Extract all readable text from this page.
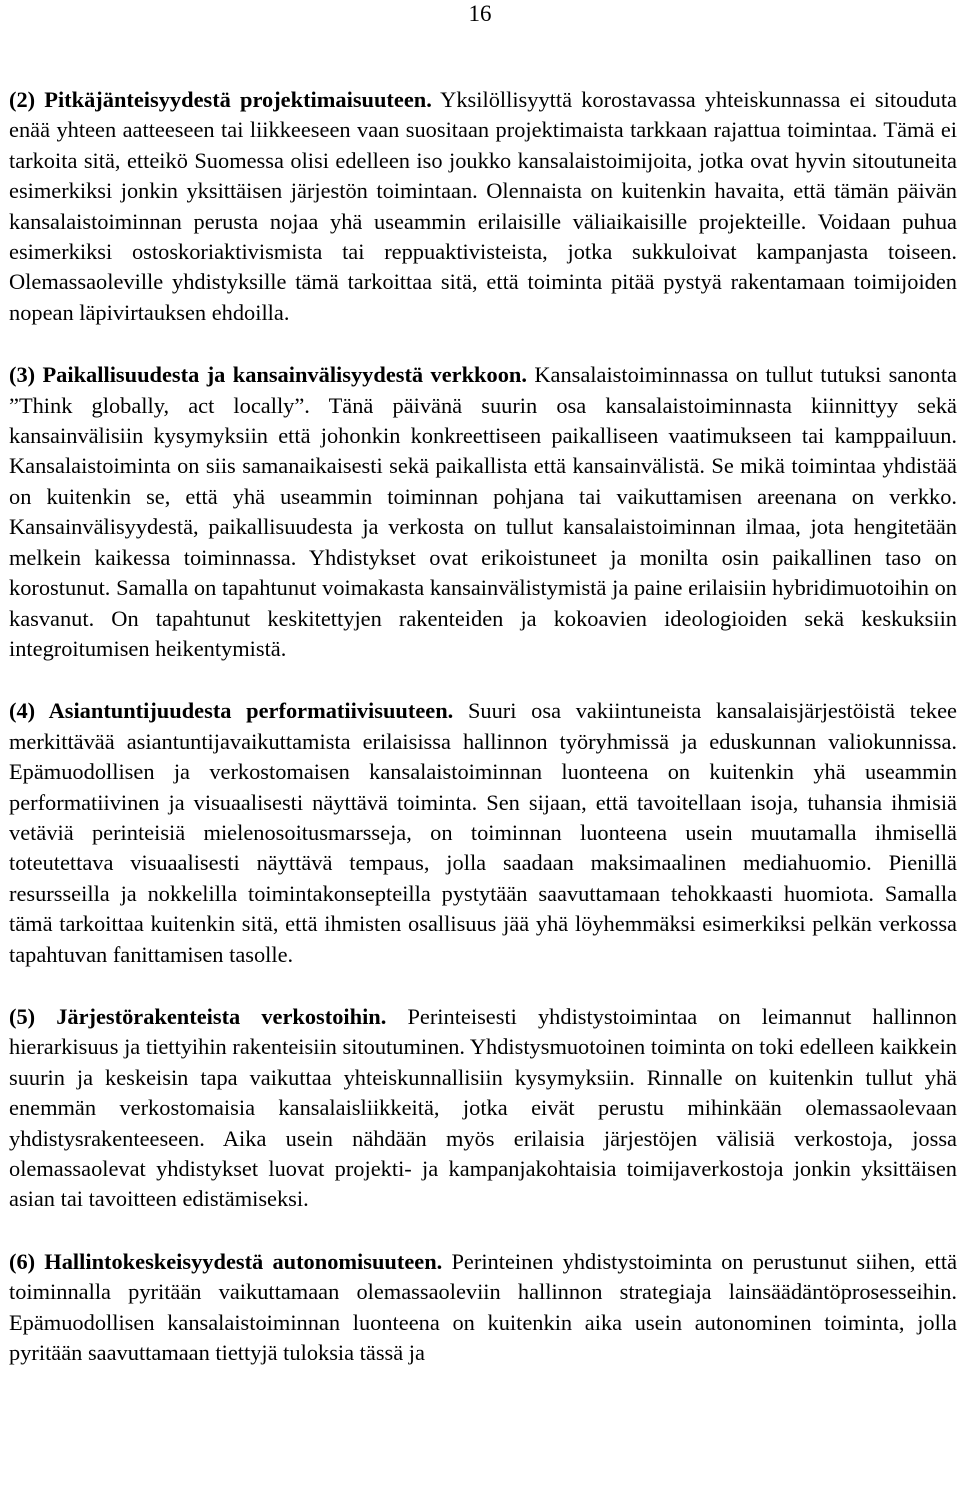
16

(2) Pitkäjänteisyydestä projektimaisuuteen. Yksilöllisyyttä korostavassa yhteiskunnassa ei sitouduta enää yhteen aatteeseen tai liikkeeseen vaan suositaan projektimaista tarkkaan rajattua toimintaa. Tämä ei tarkoita sitä, etteikö Suomessa olisi edelleen iso joukko kansalaistoimijoita, jotka ovat hyvin sitoutuneita esimerkiksi jonkin yksittäisen järjestön toimintaan. Olennaista on kuitenkin havaita, että tämän päivän kansalaistoiminnan perusta nojaa yhä useammin erilaisille väliaikaisille projekteille. Voidaan puhua esimerkiksi ostoskoriaktivismista tai reppuaktivisteista, jotka sukkuloivat kampanjasta toiseen. Olemassaoleville yhdistyksille tämä tarkoittaa sitä, että toiminta pitää pystyä rakentamaan toimijoiden nopean läpivirtauksen ehdoilla.

(3) Paikallisuudesta ja kansainvälisyydestä verkkoon. Kansalaistoiminnassa on tullut tutuksi sanonta ”Think globally, act locally”. Tänä päivänä suurin osa kansalaistoiminnasta kiinnittyy sekä kansainvälisiin kysymyksiin että johonkin konkreettiseen paikalliseen vaatimukseen tai kamppailuun. Kansalaistoiminta on siis samanaikaisesti sekä paikallista että kansainvälistä. Se mikä toimintaa yhdistää on kuitenkin se, että yhä useammin toiminnan pohjana tai vaikuttamisen areenana on verkko. Kansainvälisyydestä, paikallisuudesta ja verkosta on tullut kansalaistoiminnan ilmaa, jota hengitetään melkein kaikessa toiminnassa. Yhdistykset ovat erikoistuneet ja monilta osin paikallinen taso on korostunut. Samalla on tapahtunut voimakasta kansainvälistymistä ja paine erilaisiin hybridimuotoihin on kasvanut. On tapahtunut keskitettyjen rakenteiden ja kokoavien ideologioiden sekä keskuksiin integroitumisen heikentymistä.

(4) Asiantuntijuudesta performatiivisuuteen. Suuri osa vakiintuneista kansalaisjärjestöistä tekee merkittävää asiantuntijavaikuttamista erilaisissa hallinnon työryhmissä ja eduskunnan valiokunnissa. Epämuodollisen ja verkostomaisen kansalaistoiminnan luonteena on kuitenkin yhä useammin performatiivinen ja visuaalisesti näyttävä toiminta. Sen sijaan, että tavoitellaan isoja, tuhansia ihmisiä vetäviä perinteisiä mielenosoitusmarsseja, on toiminnan luonteena usein muutamalla ihmisellä toteutettava visuaalisesti näyttävä tempaus, jolla saadaan maksimaalinen mediahuomio. Pienillä resursseilla ja nokkelilla toimintakonsepteilla pystytään saavuttamaan tehokkaasti huomiota. Samalla tämä tarkoittaa kuitenkin sitä, että ihmisten osallisuus jää yhä löyhemmäksi esimerkiksi pelkän verkossa tapahtuvan fanittamisen tasolle.

(5) Järjestörakenteista verkostoihin. Perinteisesti yhdistystoimintaa on leimannut hallinnon hierarkisuus ja tiettyihin rakenteisiin sitoutuminen. Yhdistysmuotoinen toiminta on toki edelleen kaikkein suurin ja keskeisin tapa vaikuttaa yhteiskunnallisiin kysymyksiin. Rinnalle on kuitenkin tullut yhä enemmän verkostomaisia kansalaisliikkeitä, jotka eivät perustu mihinkään olemassaolevaan yhdistysrakenteeseen. Aika usein nähdään myös erilaisia järjestöjen välisiä verkostoja, jossa olemassaolevat yhdistykset luovat projekti- ja kampanjakohtaisia toimijaverkostoja jonkin yksittäisen asian tai tavoitteen edistämiseksi.

(6) Hallintokeskeisyydestä autonomisuuteen. Perinteinen yhdistystoiminta on perustunut siihen, että toiminnalla pyritään vaikuttamaan olemassaoleviin hallinnon strategiaja lainsäädäntöprosesseihin. Epämuodollisen kansalaistoiminnan luonteena on kuitenkin aika usein autonominen toiminta, jolla pyritään saavuttamaan tiettyjä tuloksia tässä ja
